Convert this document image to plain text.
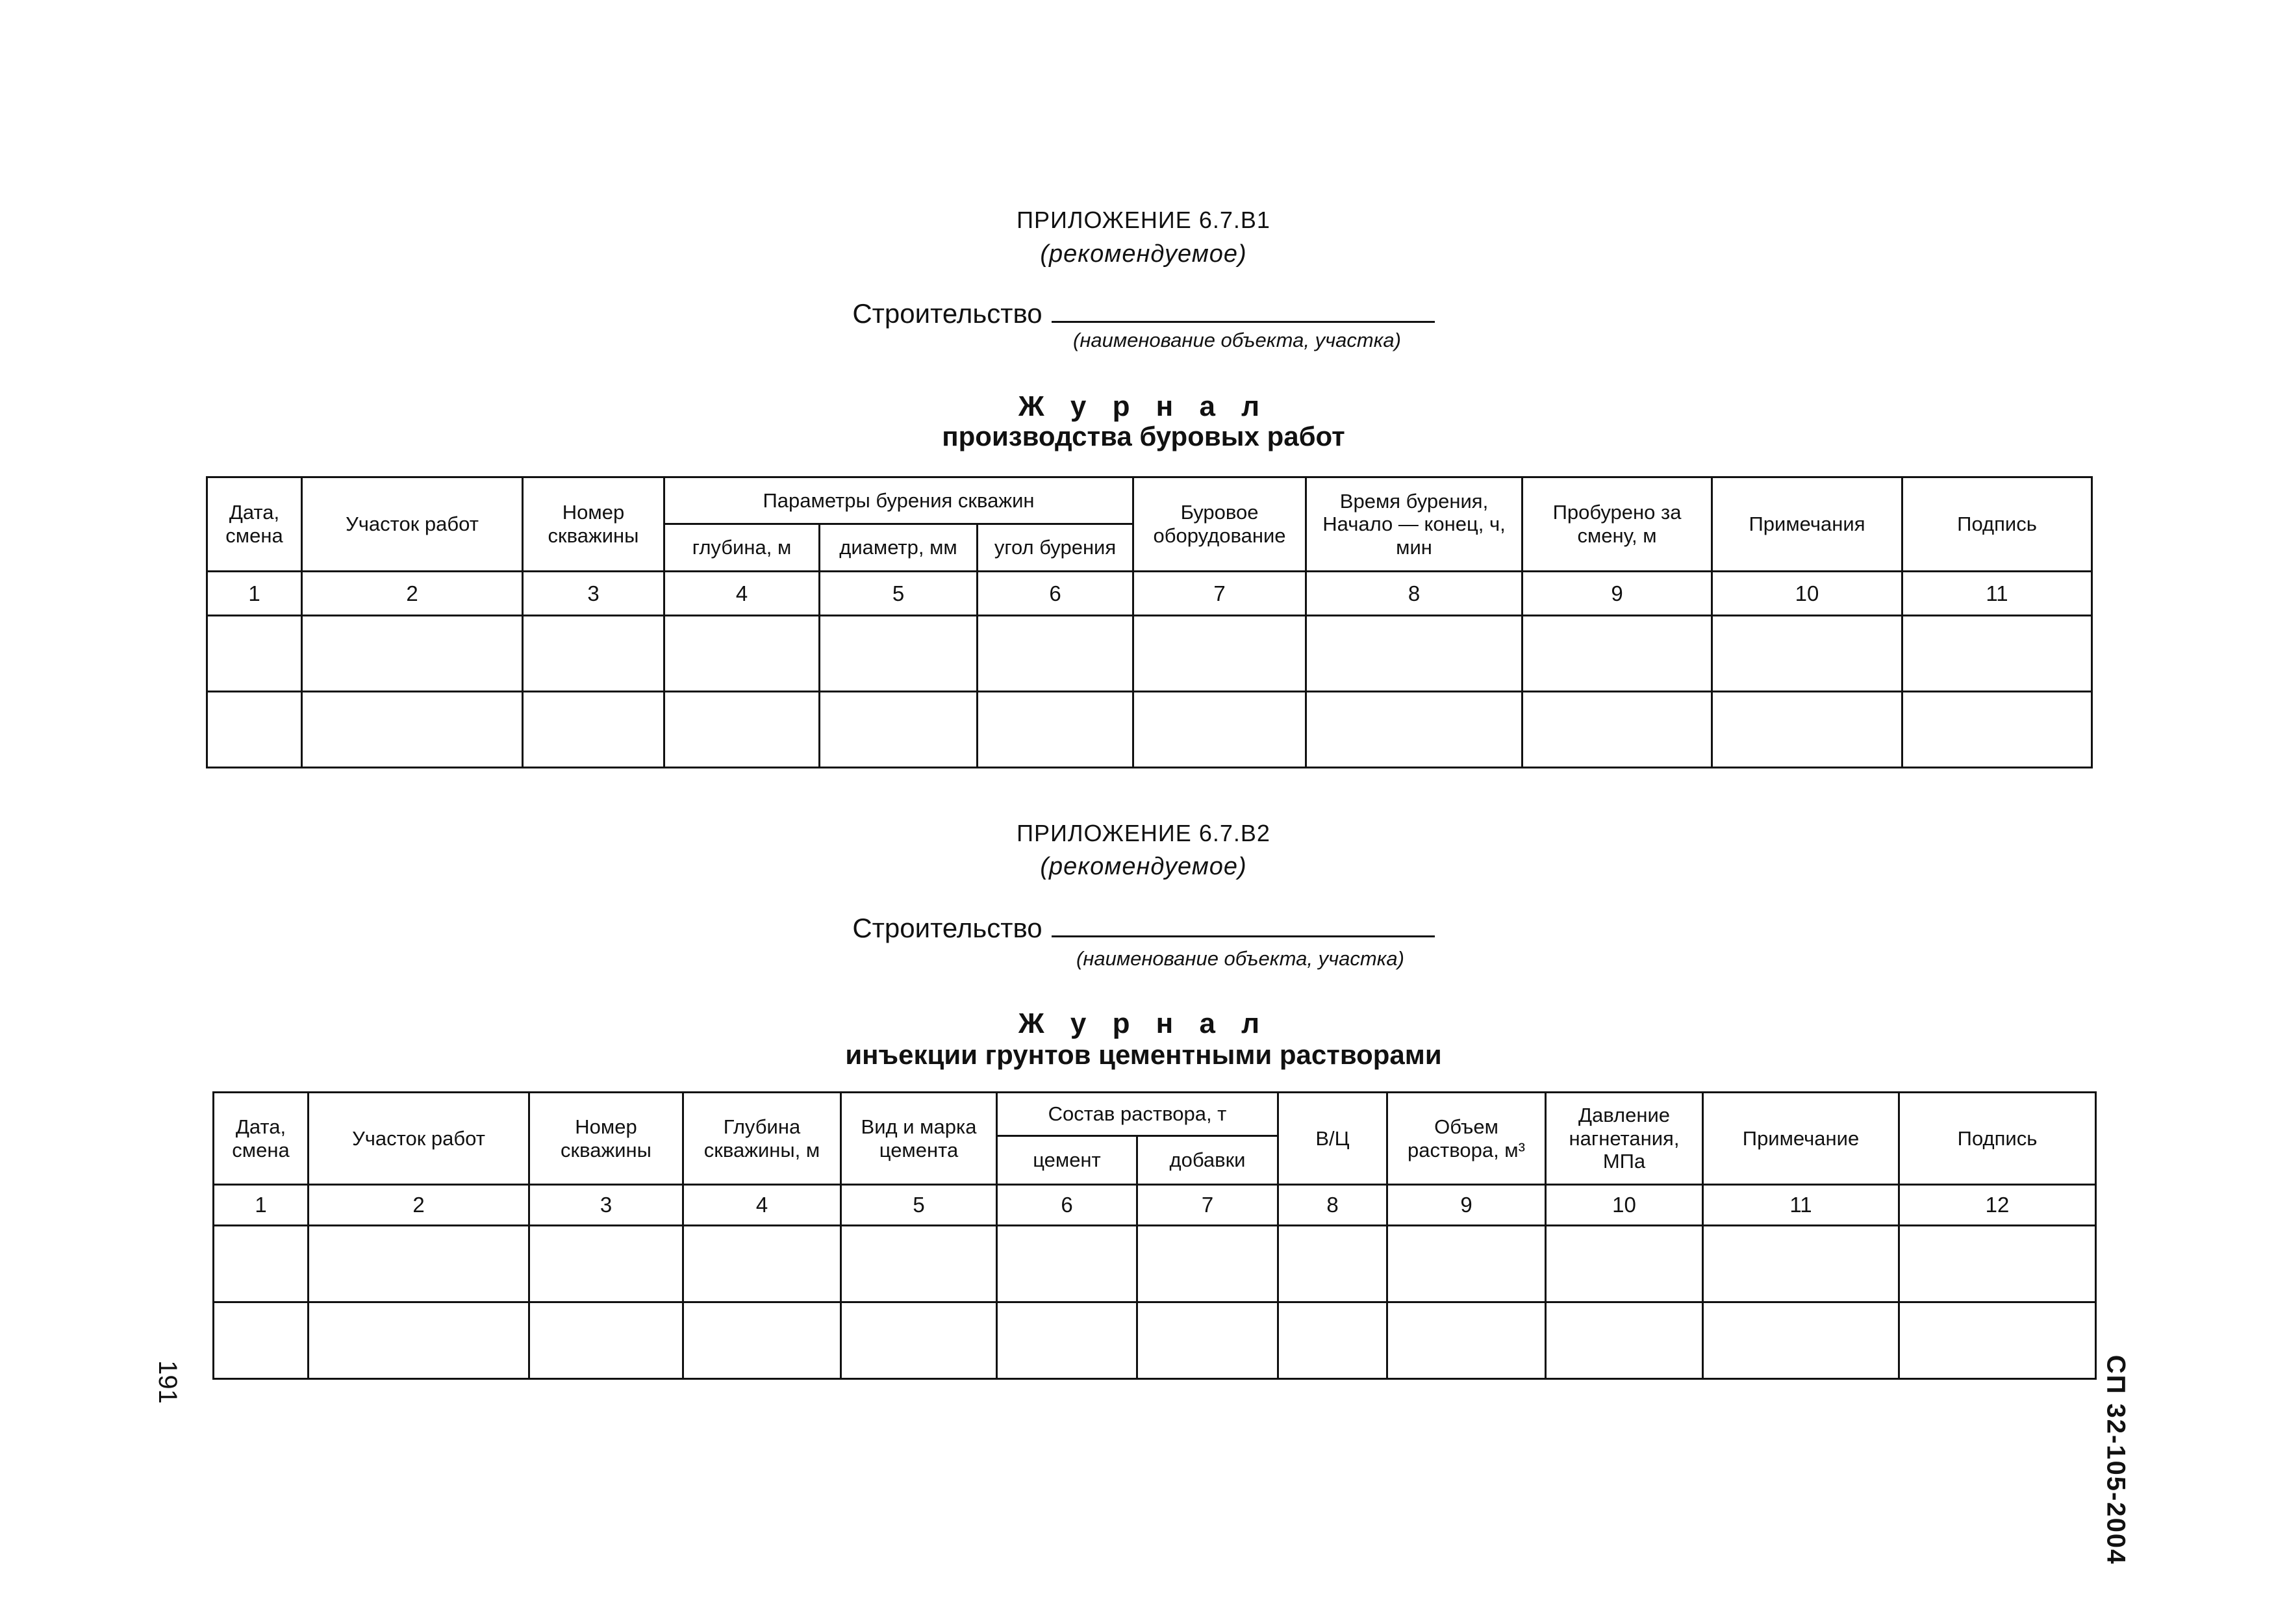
ПРИЛОЖЕНИЕ 6.7.В1
(рекомендуемое)
Строительство
(наименование объекта, участка)
Ж у р н а л
производства буровых работ
Дата, смена	Участок работ	Номер скважины	Параметры бурения скважин			Буровое оборудование	Время бурения, Начало — конец, ч, мин	Пробурено за смену, м	Примечания	Подпись
			глубина, м	диаметр, мм	угол бурения					
1	2	3	4	5	6	7	8	9	10	11

ПРИЛОЖЕНИЕ 6.7.В2
(рекомендуемое)
Строительство
(наименование объекта, участка)
Ж у р н а л
инъекции грунтов цементными растворами
Дата, смена	Участок работ	Номер скважины	Глубина скважины, м	Вид и марка цемента	Состав раствора, т		В/Ц	Объем раствора, м³	Давление нагнетания, МПа	Примечание	Подпись
					цемент	добавки					
1	2	3	4	5	6	7	8	9	10	11	12

191	СП 32-105-2004
